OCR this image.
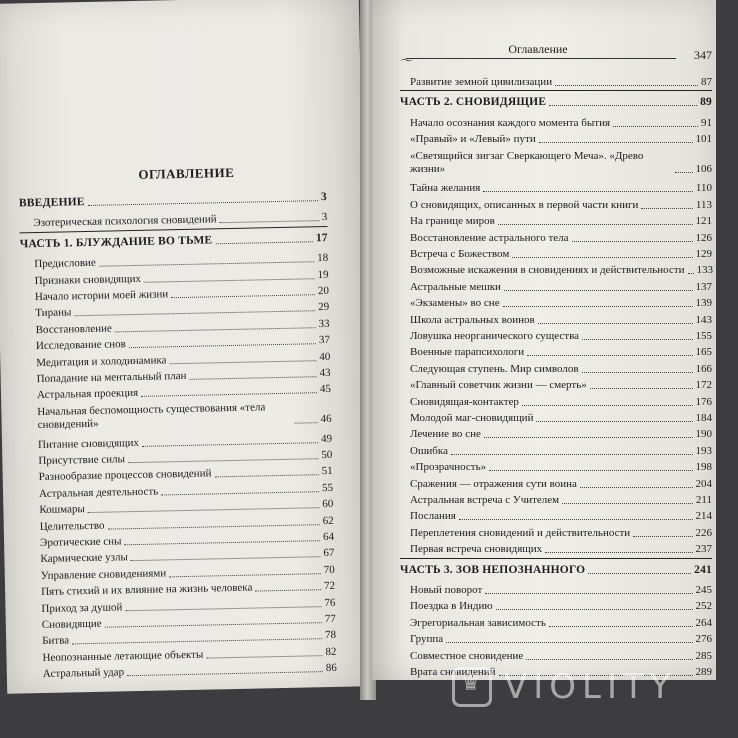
ОГЛАВЛЕНИЕ
ВВЕДЕНИЕ	3
Эзотерическая психология сновидений	3
ЧАСТЬ 1. БЛУЖДАНИЕ ВО ТЬМЕ	17
Предисловие	18
Признаки сновидящих	19
Начало истории моей жизни	20
Тираны	29
Восстановление	33
Исследование снов	37
Медитация и холодинамика	40
Попадание на ментальный план	43
Астральная проекция	45
Начальная беспомощность существования «тела сновидений»	46
Питание сновидящих	49
Присутствие силы	50
Разнообразие процессов сновидений	51
Астральная деятельность	55
Кошмары	60
Целительство	62
Эротические сны	64
Кармические узлы	67
Управление сновидениями	70
Пять стихий и их влияние на жизнь человека	72
Приход за душой	76
Сновидящие	77
Битва	78
Неопознанные летающие объекты	82
Астральный удар	86
〜
Оглавление	347
Развитие земной цивилизации	87
ЧАСТЬ 2. СНОВИДЯЩИЕ	89
Начало осознания каждого момента бытия	91
«Правый» и «Левый» пути	101
«Светящийся зигзаг Сверкающего Меча». «Древо жизни»	106
Тайна желания	110
О сновидящих, описанных в первой части книги	113
На границе миров	121
Восстановление астрального тела	126
Встреча с Божеством	129
Возможные искажения в сновидениях и действительности 133
Астральные мешки	137
«Экзамены» во сне	139
Школа астральных воинов	143
Ловушка неорганического существа	155
Военные парапсихологи	165
Следующая ступень. Мир символов	166
«Главный советчик жизни — смерть»	172
Сновидящая-контактер	176
Молодой маг-сновидящий	184
Лечение во сне	190
Ошибка	193
«Прозрачность»	198
Сражения — отражения сути воина	204
Астральная встреча с Учителем	211
Послания	214
Переплетения сновидений и действительности	226
Первая встреча сновидящих	237
ЧАСТЬ 3. ЗОВ НЕПОЗНАННОГО	241
Новый поворот	245
Поездка в Индию	252
Эгрегориальная зависимость	264
Группа	276
Совместное сновидение	285
Врата сновидений	289
♛
VIOLITY
